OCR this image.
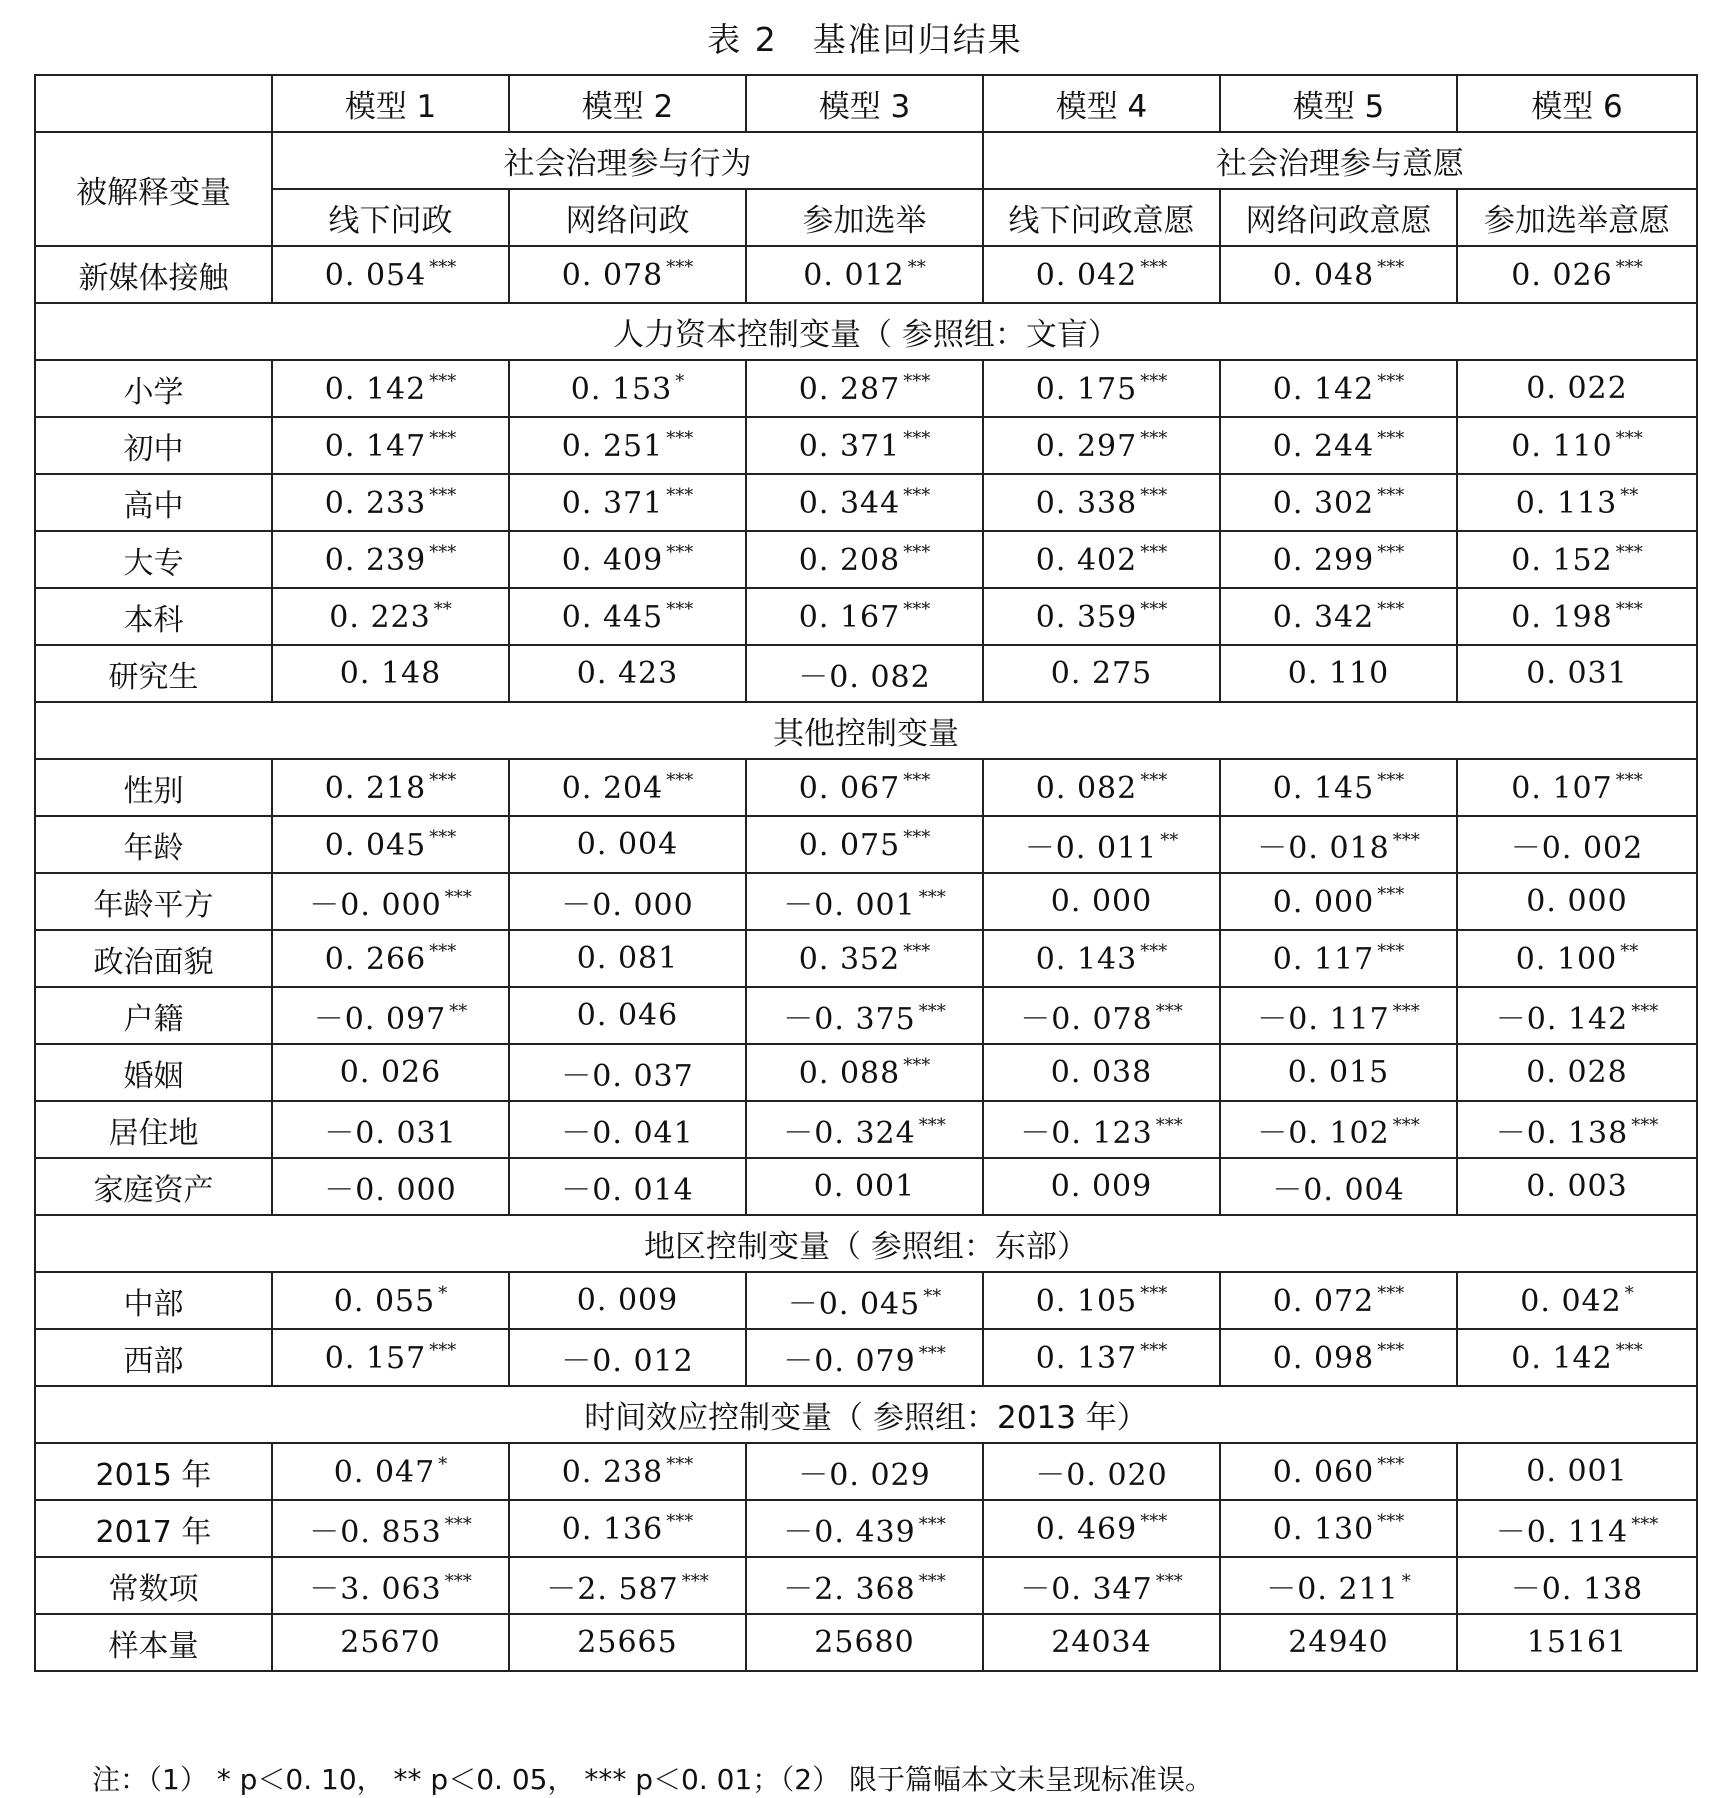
表 2　基准回归结果
	模型 1	模型 2	模型 3	模型 4	模型 5	模型 6
被解释变量	社会治理参与行为			社会治理参与意愿		
	线下问政	网络问政	参加选举	线下问政意愿	网络问政意愿	参加选举意愿
新媒体接触	0. 054 ***	0. 078 ***	0. 012 **	0. 042 ***	0. 048 ***	0. 026 ***
人力资本控制变量（ 参照组：文盲）						
小学	0. 142 ***	0. 153 *	0. 287 ***	0. 175 ***	0. 142 ***	0. 022
初中	0. 147 ***	0. 251 ***	0. 371 ***	0. 297 ***	0. 244 ***	0. 110 ***
高中	0. 233 ***	0. 371 ***	0. 344 ***	0. 338 ***	0. 302 ***	0. 113 **
大专	0. 239 ***	0. 409 ***	0. 208 ***	0. 402 ***	0. 299 ***	0. 152 ***
本科	0. 223 **	0. 445 ***	0. 167 ***	0. 359 ***	0. 342 ***	0. 198 ***
研究生	0. 148	0. 423	－0. 082	0. 275	0. 110	0. 031
其他控制变量						
性别	0. 218 ***	0. 204 ***	0. 067 ***	0. 082 ***	0. 145 ***	0. 107 ***
年龄	0. 045 ***	0. 004	0. 075 ***	－0. 011 **	－0. 018 ***	－0. 002
年龄平方	－0. 000 ***	－0. 000	－0. 001 ***	0. 000	0. 000 ***	0. 000
政治面貌	0. 266 ***	0. 081	0. 352 ***	0. 143 ***	0. 117 ***	0. 100 **
户籍	－0. 097 **	0. 046	－0. 375 ***	－0. 078 ***	－0. 117 ***	－0. 142 ***
婚姻	0. 026	－0. 037	0. 088 ***	0. 038	0. 015	0. 028
居住地	－0. 031	－0. 041	－0. 324 ***	－0. 123 ***	－0. 102 ***	－0. 138 ***
家庭资产	－0. 000	－0. 014	0. 001	0. 009	－0. 004	0. 003
地区控制变量（ 参照组：东部）						
中部	0. 055 *	0. 009	－0. 045 **	0. 105 ***	0. 072 ***	0. 042 *
西部	0. 157 ***	－0. 012	－0. 079 ***	0. 137 ***	0. 098 ***	0. 142 ***
时间效应控制变量（ 参照组：2013 年）						
2015 年	0. 047 *	0. 238 ***	－0. 029	－0. 020	0. 060 ***	0. 001
2017 年	－0. 853 ***	0. 136 ***	－0. 439 ***	0. 469 ***	0. 130 ***	－0. 114 ***
常数项	－3. 063 ***	－2. 587 ***	－2. 368 ***	－0. 347 ***	－0. 211 *	－0. 138
样本量	25670	25665	25680	24034	24940	15161
注：（1） * p＜0. 10， ** p＜0. 05， *** p＜0. 01；（2） 限于篇幅本文未呈现标准误。
